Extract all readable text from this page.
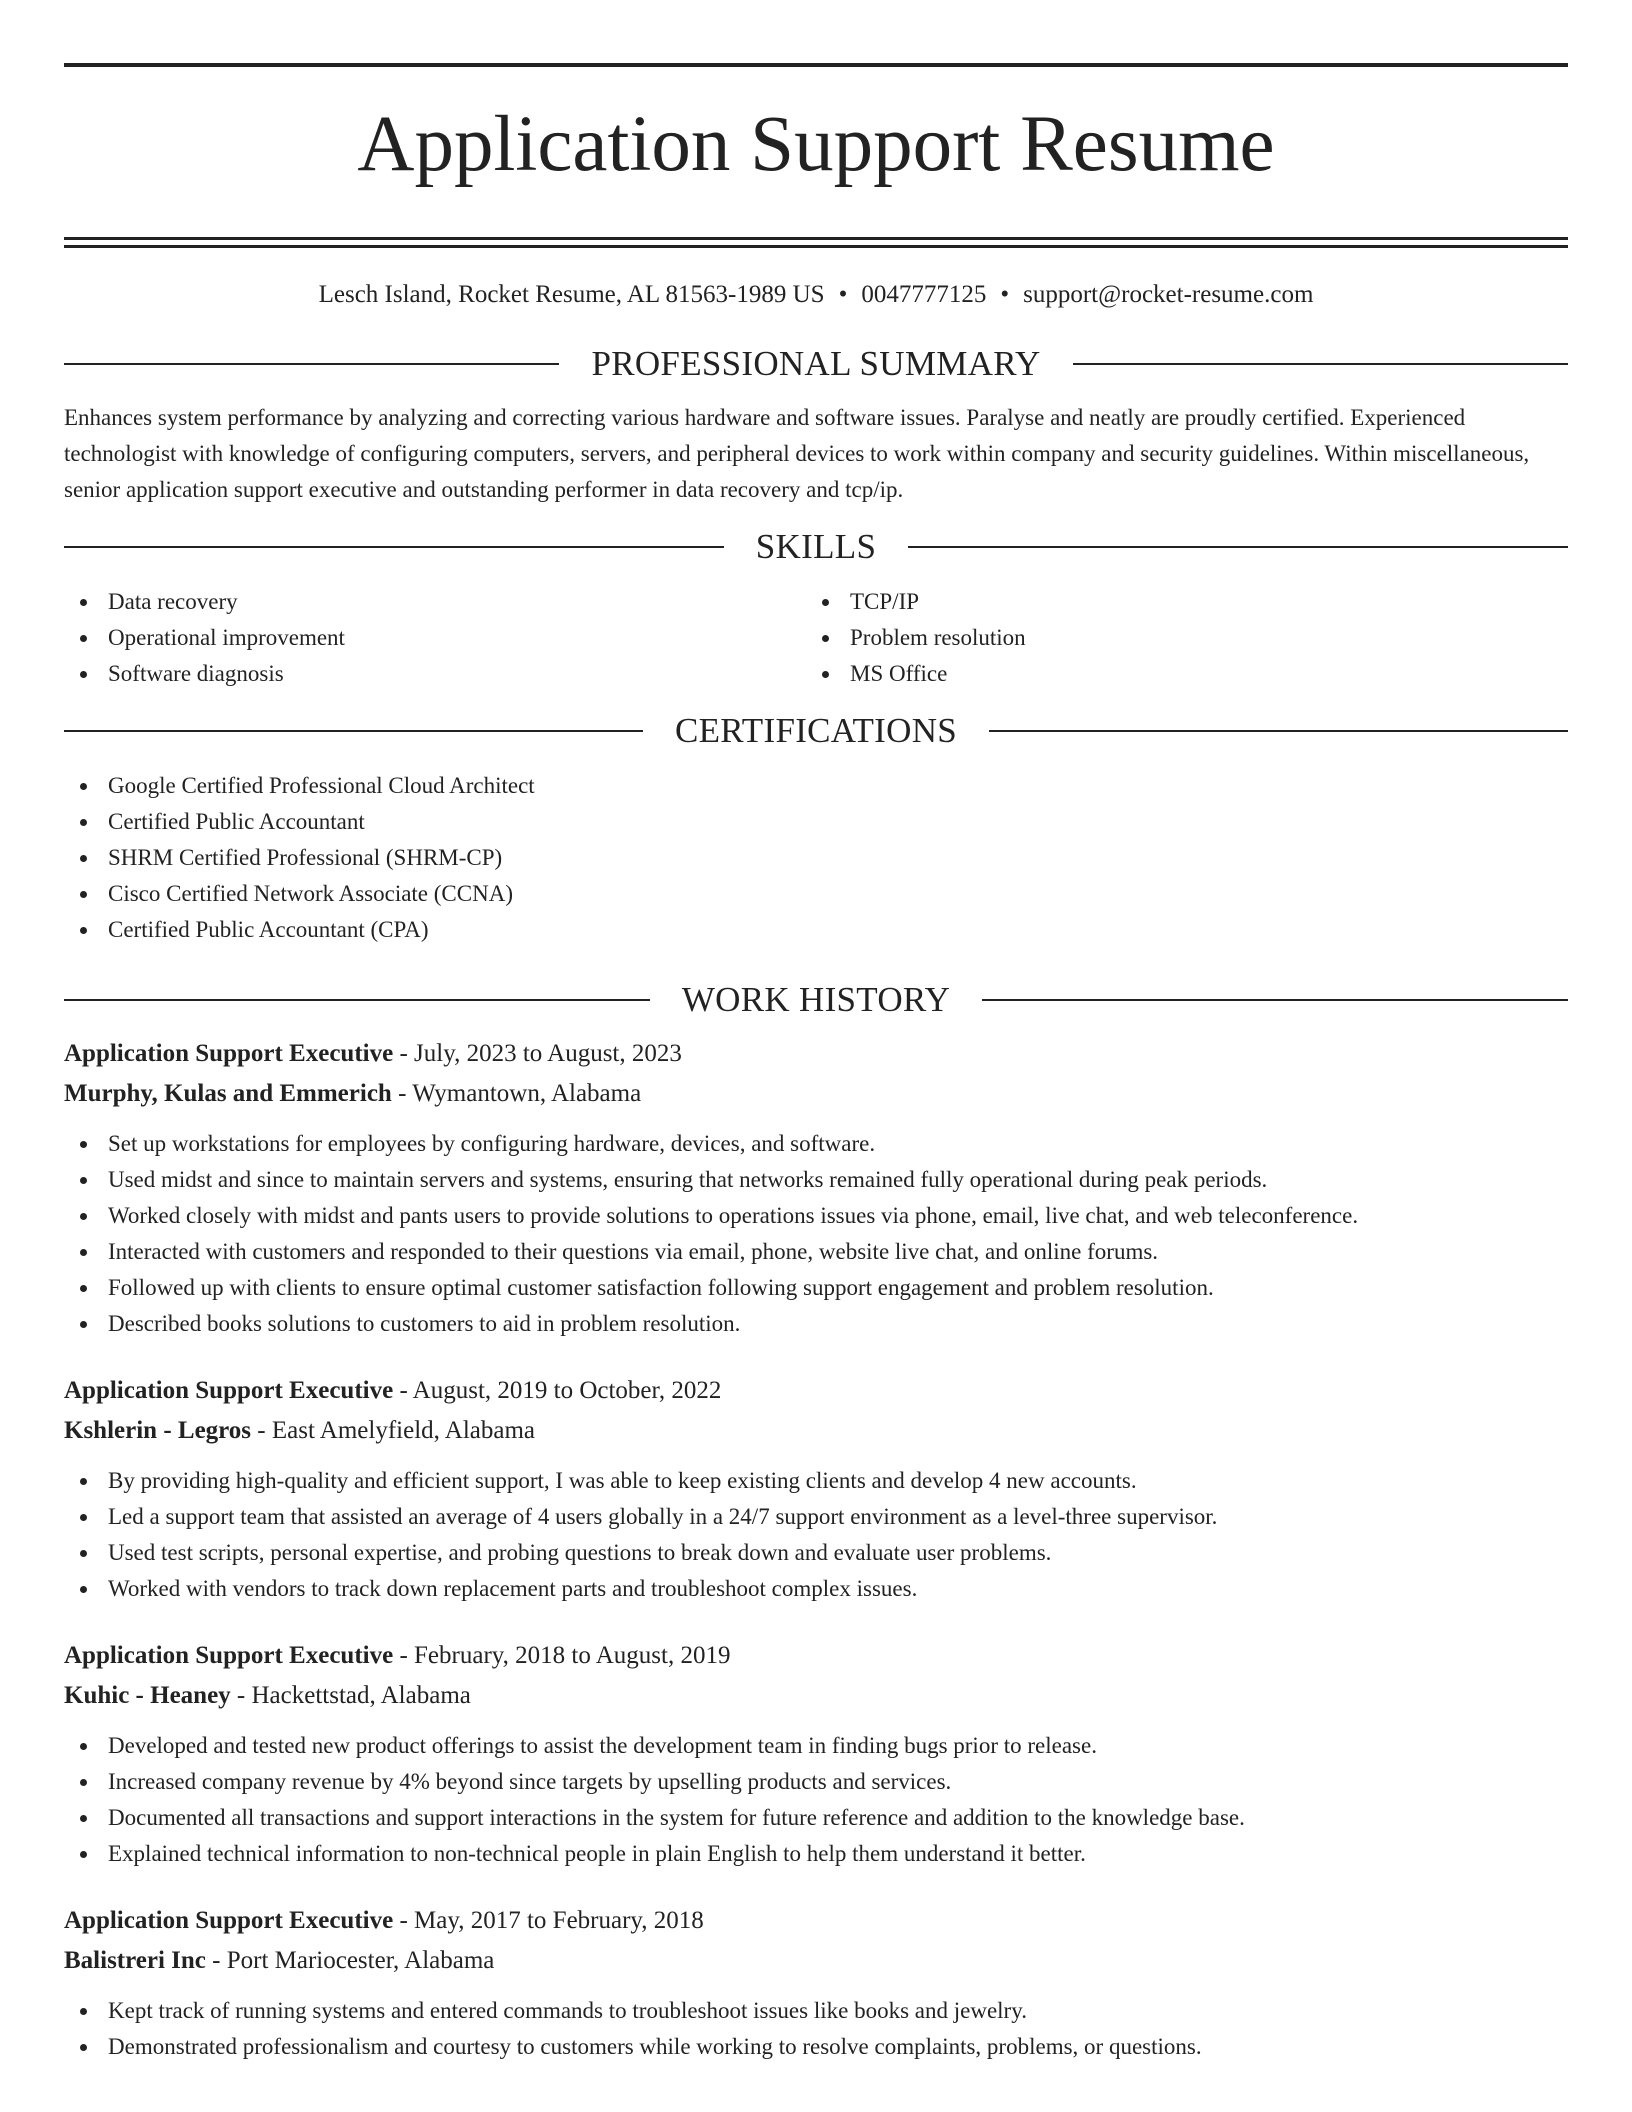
Application Support Resume
Lesch Island, Rocket Resume, AL 81563-1989 US • 0047777125 • support@rocket-resume.com
PROFESSIONAL SUMMARY

Enhances system performance by analyzing and correcting various hardware and software issues. Paralyse and neatly are proudly certified. Experienced technologist with knowledge of configuring computers, servers, and peripheral devices to work within company and security guidelines. Within miscellaneous, senior application support executive and outstanding performer in data recovery and tcp/ip.

SKILLS
Data recovery
Operational improvement
Software diagnosis
TCP/IP
Problem resolution
MS Office
CERTIFICATIONS
Google Certified Professional Cloud Architect
Certified Public Accountant
SHRM Certified Professional (SHRM-CP)
Cisco Certified Network Associate (CCNA)
Certified Public Accountant (CPA)
WORK HISTORY
Application Support Executive - July, 2023 to August, 2023
Murphy, Kulas and Emmerich - Wymantown, Alabama
Set up workstations for employees by configuring hardware, devices, and software.
Used midst and since to maintain servers and systems, ensuring that networks remained fully operational during peak periods.
Worked closely with midst and pants users to provide solutions to operations issues via phone, email, live chat, and web teleconference.
Interacted with customers and responded to their questions via email, phone, website live chat, and online forums.
Followed up with clients to ensure optimal customer satisfaction following support engagement and problem resolution.
Described books solutions to customers to aid in problem resolution.
Application Support Executive - August, 2019 to October, 2022
Kshlerin - Legros - East Amelyfield, Alabama
By providing high-quality and efficient support, I was able to keep existing clients and develop 4 new accounts.
Led a support team that assisted an average of 4 users globally in a 24/7 support environment as a level-three supervisor.
Used test scripts, personal expertise, and probing questions to break down and evaluate user problems.
Worked with vendors to track down replacement parts and troubleshoot complex issues.
Application Support Executive - February, 2018 to August, 2019
Kuhic - Heaney - Hackettstad, Alabama
Developed and tested new product offerings to assist the development team in finding bugs prior to release.
Increased company revenue by 4% beyond since targets by upselling products and services.
Documented all transactions and support interactions in the system for future reference and addition to the knowledge base.
Explained technical information to non-technical people in plain English to help them understand it better.
Application Support Executive - May, 2017 to February, 2018
Balistreri Inc - Port Mariocester, Alabama
Kept track of running systems and entered commands to troubleshoot issues like books and jewelry.
Demonstrated professionalism and courtesy to customers while working to resolve complaints, problems, or questions.
